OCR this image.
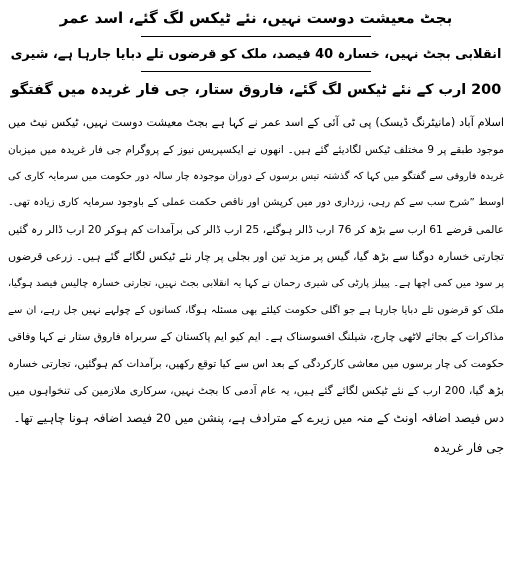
بجٹ معیشت دوست نہیں، نئے ٹیکس لگ گئے، اسد عمر
انقلابی بجٹ نہیں، خسارہ 40 فیصد، ملک کو قرضوں تلے دبایا جارہا ہے، شیری
200 ارب کے نئے ٹیکس لگ گئے، فاروق ستار، جی فار غریدہ میں گفتگو
اسلام آباد (مانیٹرنگ ڈیسک) پی ٹی آئی کے اسد عمر نے کہا ہے بجٹ معیشت دوست نہیں، ٹیکس نیٹ میں
موجود طبقے پر 9 مختلف ٹیکس لگادیئے گئے ہیں۔ انھوں نے ایکسپریس نیوز کے پروگرام جی فار غریدہ میں میزبان
غریدہ فاروقی سے گفتگو میں کہا کہ گذشتہ تیس برسوں کے دوران موجودہ چار سالہ دور حکومت میں سرمایہ کاری کی
اوسط ”شرح سب سے کم رہی، زرداری دور میں کرپشن اور ناقص حکمت عملی کے باوجود سرمایہ کاری زیادہ تھی۔
عالمی قرضے 61 ارب سے بڑھ کر 76 ارب ڈالر ہوگئے، 25 ارب ڈالر کی برآمدات کم ہوکر 20 ارب ڈالر رہ گئیں
تجارتی خسارہ دوگنا سے بڑھ گیا، گیس پر مزید تین اور بجلی پر چار نئے ٹیکس لگائے گئے ہیں۔ زرعی قرضوں
پر سود میں کمی اچھا ہے۔ پیپلز پارٹی کی شیری رحمان نے کہا یہ انقلابی بجٹ نہیں، تجارتی خسارہ چالیس فیصد ہوگیا،
ملک کو قرضوں تلے دبایا جارہا ہے جو اگلی حکومت کیلئے بھی مسئلہ ہوگا، کسانوں کے چولہے نہیں جل رہے، ان سے
مذاکرات کے بجائے لاٹھی چارج، شیلنگ افسوسناک ہے۔ ایم کیو ایم پاکستان کے سربراہ فاروق ستار نے کہا وفاقی
حکومت کی چار برسوں میں معاشی کارکردگی کے بعد اس سے کیا توقع رکھیں، برآمدات کم ہوگئیں، تجارتی خسارہ
بڑھ گیا، 200 ارب کے نئے ٹیکس لگائے گئے ہیں، یہ عام آدمی کا بجٹ نہیں، سرکاری ملازمین کی تنخواہوں میں
دس فیصد اضافہ اونٹ کے منہ میں زیرے کے مترادف ہے، پنشن میں 20 فیصد اضافہ ہونا چاہیے تھا۔
جی فار غریدہ
